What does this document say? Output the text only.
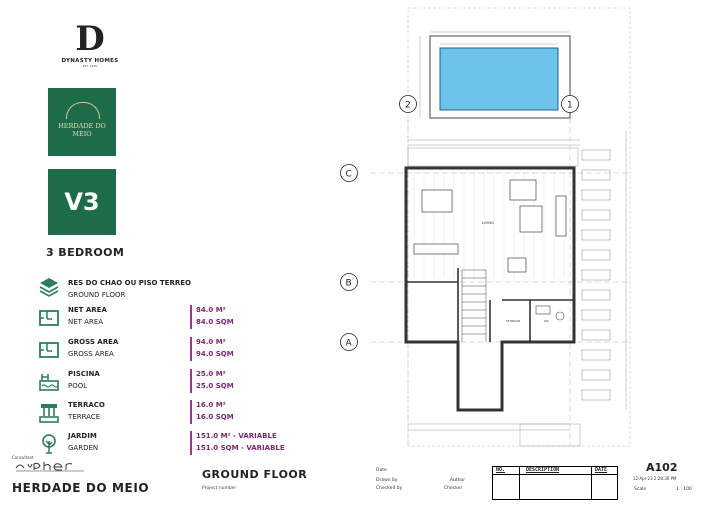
D
DYNASTY HOMES
EST. 2020
HERDADE DO MEIO
V3
3 BEDROOM
RES DO CHAO OU PISO TERREO
GROUND FLOOR
NET AREA
NET AREA
84.0 M²
84.0 SQM
GROSS AREA
GROSS AREA
94.0 M²
94.0 SQM
PISCINA
POOL
25.0 M²
25.0 SQM
TERRACO
TERRACE
16.0 M²
16.0 SQM
JARDIM
GARDEN
151.0 M² - VARIABLE
151.0 SQM - VARIABLE
Consultant
HERDADE DO MEIO
GROUND FLOOR
Project number
Date
Drawn by	Author
Checked by	Checker
NO.	DESCRIPTION	DATE	A102
12-Apr-23 2:28:30 PM
Scale	1 : 100
LIVING
STORAGE	WC
C
B
A
2	1
